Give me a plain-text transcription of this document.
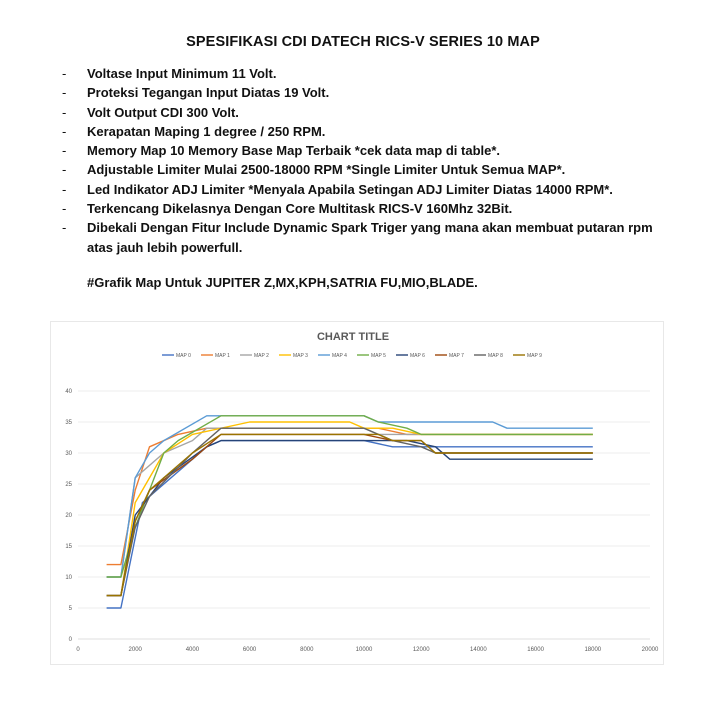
SPESIFIKASI CDI DATECH RICS-V SERIES 10 MAP
- Voltase Input Minimum 11 Volt.
- Proteksi Tegangan Input Diatas 19 Volt.
- Volt Output CDI 300 Volt.
- Kerapatan Maping 1 degree / 250 RPM.
- Memory Map 10 Memory Base Map Terbaik *cek data map di table*.
- Adjustable Limiter Mulai 2500-18000 RPM *Single Limiter Untuk Semua MAP*.
- Led Indikator ADJ Limiter *Menyala Apabila Setingan ADJ Limiter Diatas 14000 RPM*.
- Terkencang Dikelasnya Dengan Core Multitask RICS-V 160Mhz 32Bit.
- Dibekali Dengan Fitur Include Dynamic Spark Triger yang mana akan membuat putaran rpm atas jauh lebih powerfull.
#Grafik Map Untuk JUPITER Z,MX,KPH,SATRIA FU,MIO,BLADE.
CHART TITLE
0
5
10
15
20
25
30
35
40
0	2000	4000	6000	8000	10000	12000	14000	16000	18000	20000
MAP 0	MAP 1	MAP 2	MAP 3	MAP 4	MAP 5	MAP 6	MAP 7	MAP 8	MAP 9
